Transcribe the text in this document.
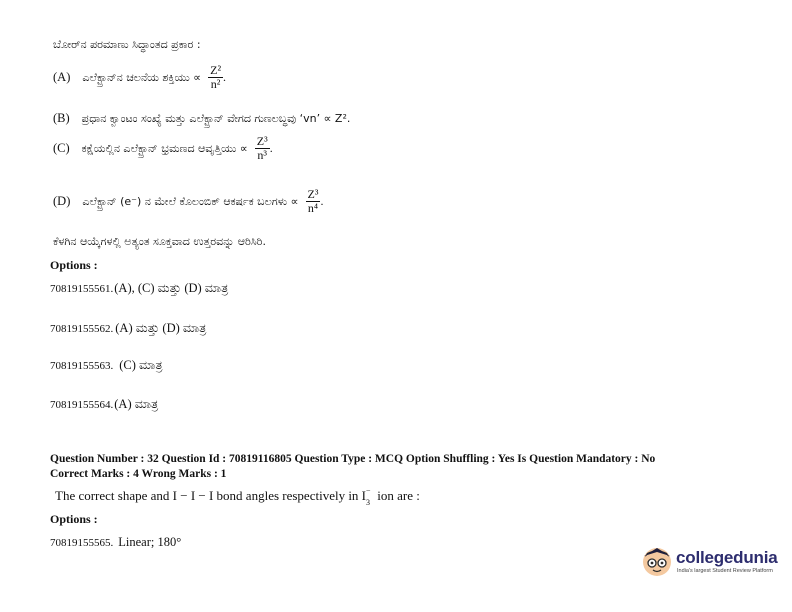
ಬೋರ್‌ನ ಪರಮಾಣು ಸಿದ್ಧಾಂತದ ಪ್ರಕಾರ :
(A) ಎಲೆಕ್ಟ್ರಾನ್‌ನ ಚಲನೆಯ ಶಕ್ತಿಯು ∝ $\frac{\text{Z²}}{\text{n²}}$ .
(B) ಪ್ರಧಾನ ಕ್ವಾಂಟಂ ಸಂಖ್ಯೆ ಮತ್ತು ಎಲೆಕ್ಟ್ರಾನ್ ವೇಗದ ಗುಣಲಬ್ಧವು ‘vn’ ∝ Z².
(C) ಕಕ್ಷೆಯಲ್ಲಿನ ಎಲೆಕ್ಟ್ರಾನ್ ಭ್ರಮಣದ ಆವೃತ್ತಿಯು ∝ $\frac{\text{Z³}}{\text{n³}}$ .
(D) ಎಲೆಕ್ಟ್ರಾನ್ (e⁻) ನ ಮೇಲೆ ಕೊಲಂಬಿಕ್ ಆಕರ್ಷಕ ಬಲಗಳು ∝ $\frac{\text{Z³}}{\text{n⁴}}$ .
ಕೆಳಗಿನ ಆಯ್ಕೆಗಳಲ್ಲಿ ಅತ್ಯಂತ ಸೂಕ್ತವಾದ ಉತ್ತರವನ್ನು ಆರಿಸಿರಿ.
Options :
70819155561.(A), (C) ಮತ್ತು (D) ಮಾತ್ರ
70819155562. (A) ಮತ್ತು (D) ಮಾತ್ರ
70819155563. (C) ಮಾತ್ರ
70819155564.(A) ಮಾತ್ರ
Question Number : 32 Question Id : 70819116805 Question Type : MCQ Option Shuffling : Yes Is Question Mandatory : No
Correct Marks : 4 Wrong Marks : 1
The correct shape and I − I − I bond angles respectively in I −
3 ion are :
Options :
70819155565. Linear; 180°
collegedunia
India's largest Student Review Platform
